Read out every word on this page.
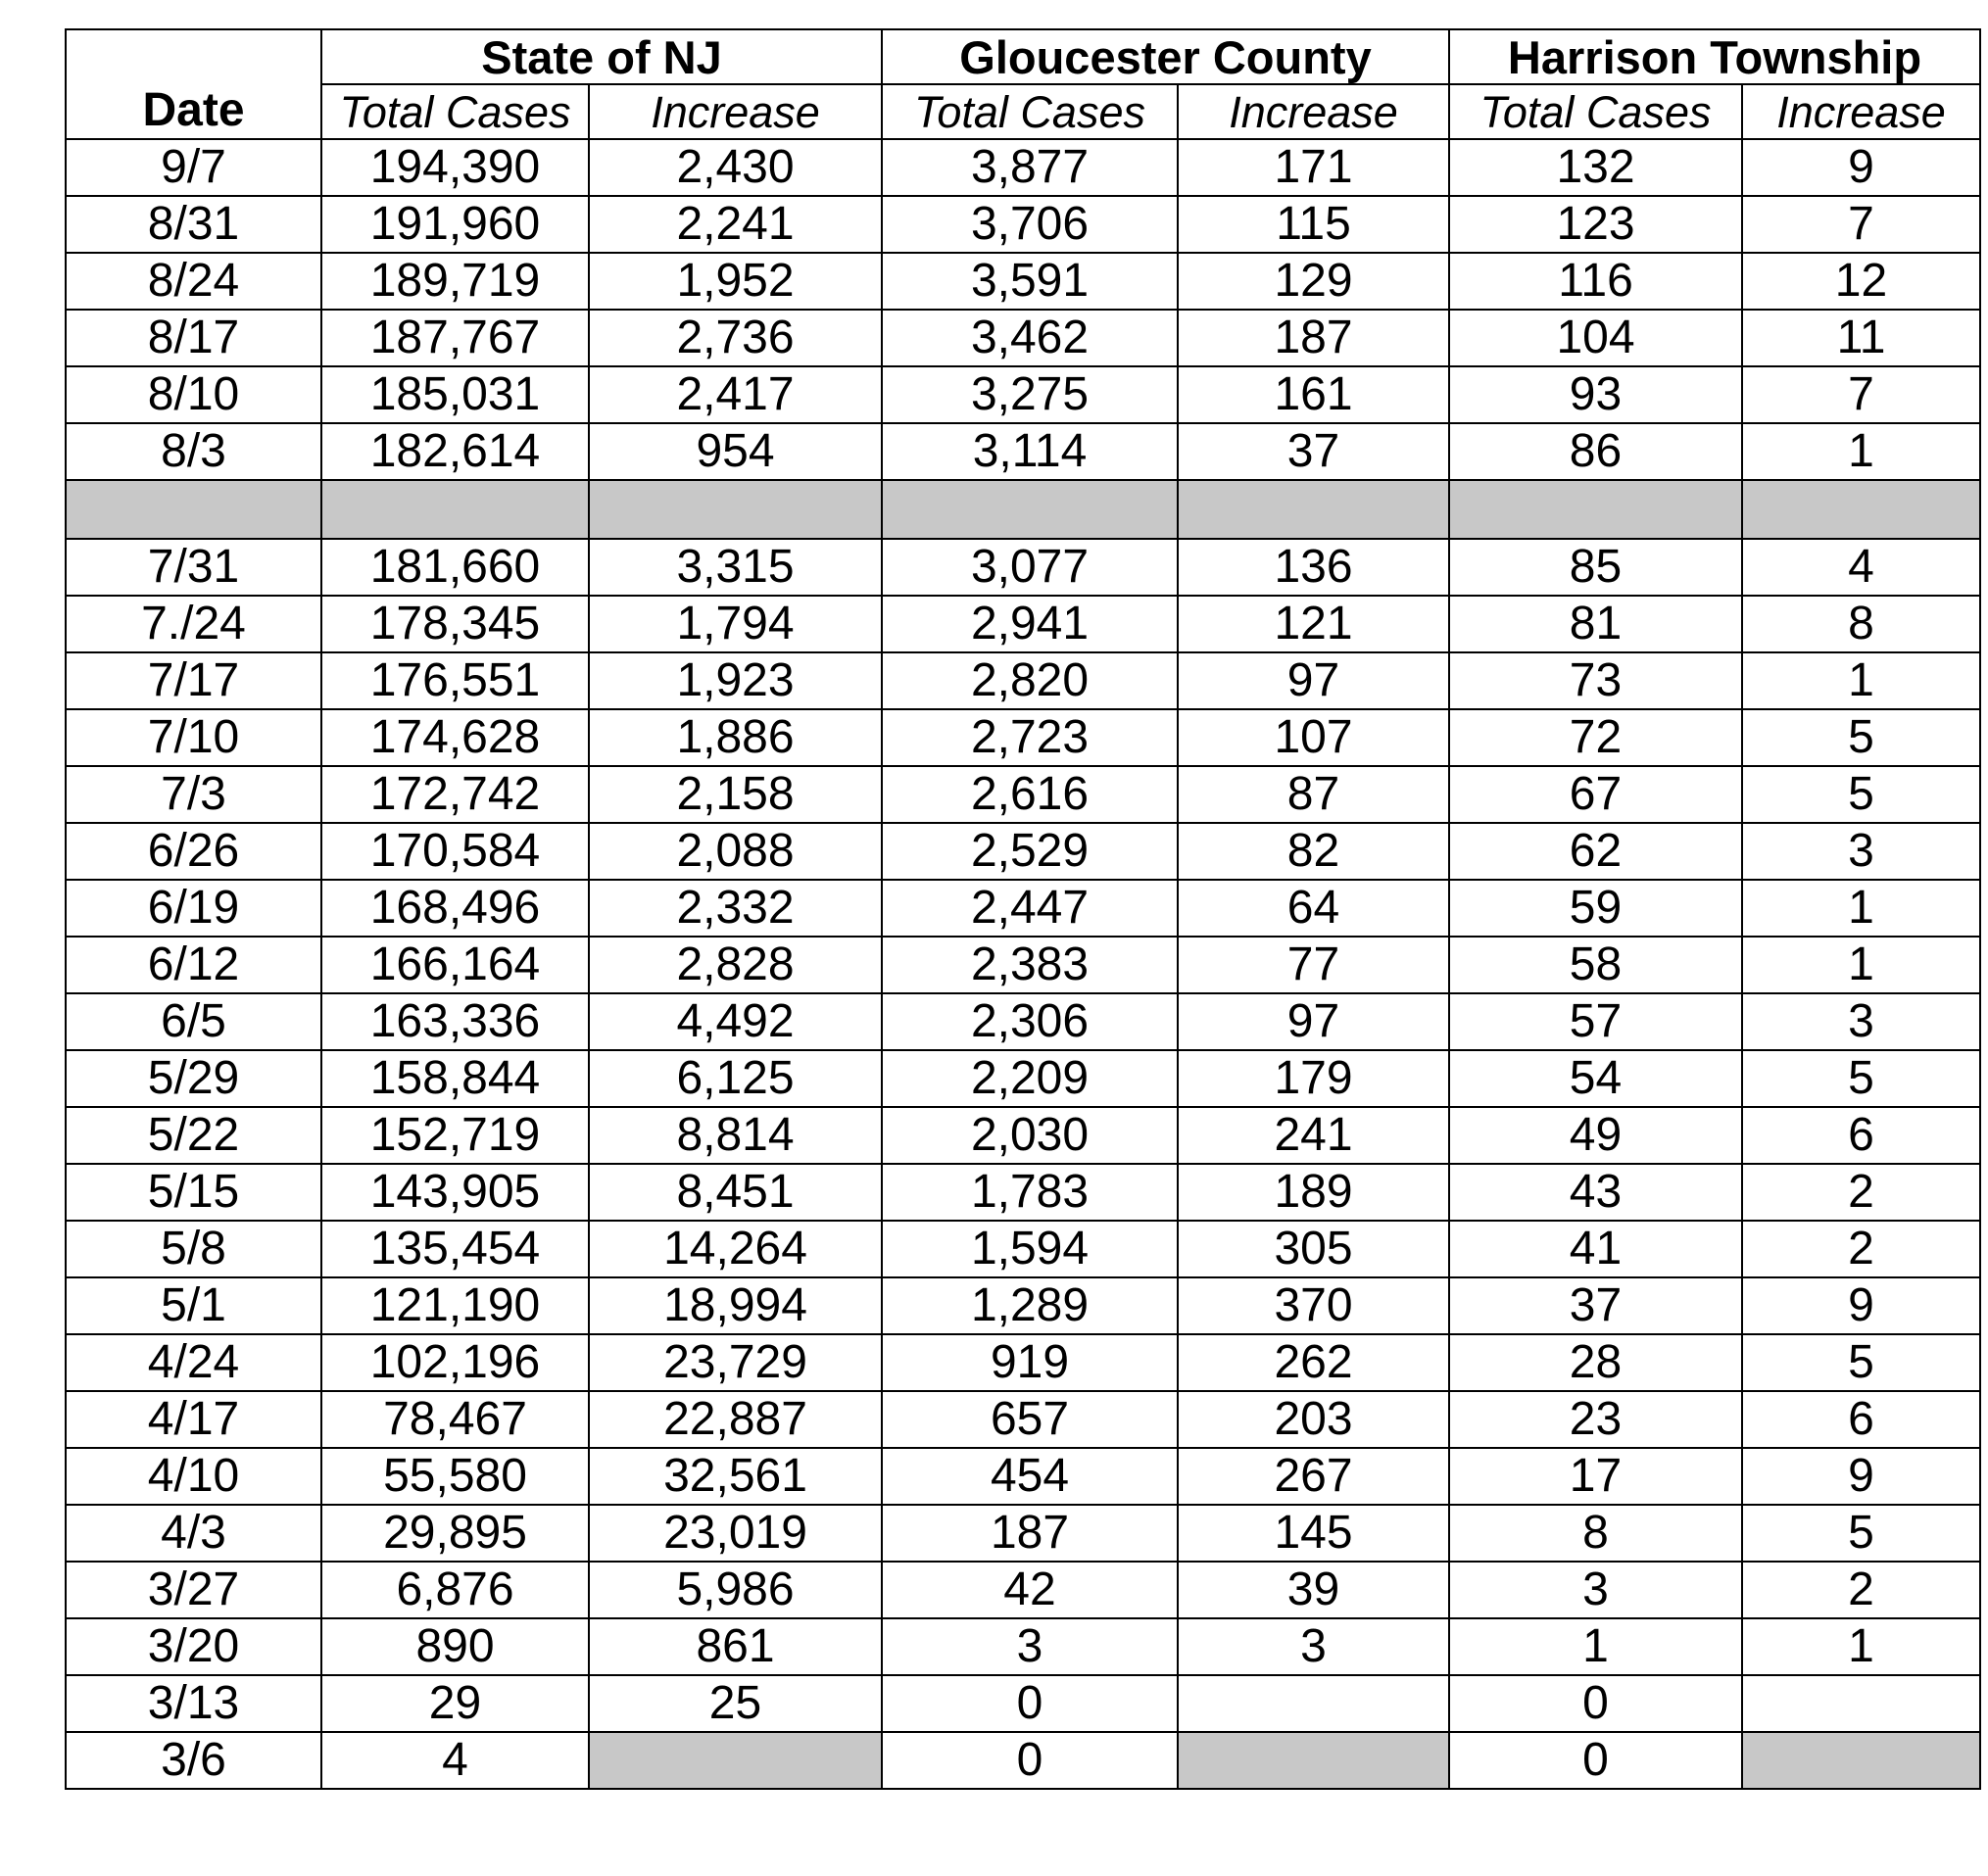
Date	State of NJ		Gloucester County		Harrison Township	
	Total Cases	Increase	Total Cases	Increase	Total Cases	Increase
9/7	194,390	2,430	3,877	171	132	9
8/31	191,960	2,241	3,706	115	123	7
8/24	189,719	1,952	3,591	129	116	12
8/17	187,767	2,736	3,462	187	104	11
8/10	185,031	2,417	3,275	161	93	7
8/3	182,614	954	3,114	37	86	1

7/31	181,660	3,315	3,077	136	85	4
7./24	178,345	1,794	2,941	121	81	8
7/17	176,551	1,923	2,820	97	73	1
7/10	174,628	1,886	2,723	107	72	5
7/3	172,742	2,158	2,616	87	67	5
6/26	170,584	2,088	2,529	82	62	3
6/19	168,496	2,332	2,447	64	59	1
6/12	166,164	2,828	2,383	77	58	1
6/5	163,336	4,492	2,306	97	57	3
5/29	158,844	6,125	2,209	179	54	5
5/22	152,719	8,814	2,030	241	49	6
5/15	143,905	8,451	1,783	189	43	2
5/8	135,454	14,264	1,594	305	41	2
5/1	121,190	18,994	1,289	370	37	9
4/24	102,196	23,729	919	262	28	5
4/17	78,467	22,887	657	203	23	6
4/10	55,580	32,561	454	267	17	9
4/3	29,895	23,019	187	145	8	5
3/27	6,876	5,986	42	39	3	2
3/20	890	861	3	3	1	1
3/13	29	25	0		0	
3/6	4		0		0	
